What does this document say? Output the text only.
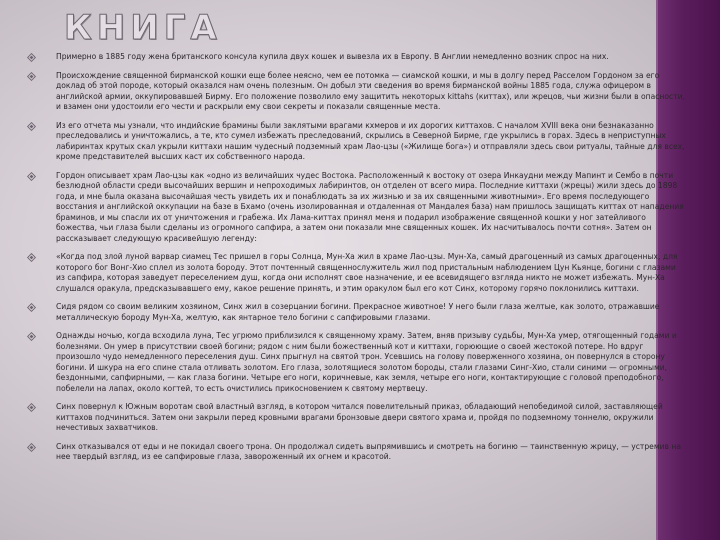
КНИГА
Примерно в 1885 году жена британского консула купила двух кошек и вывезла их в Европу. В Англии немедленно возник спрос на них.
Происхождение священной бирманской кошки еще более неясно, чем ее потомка — сиамской кошки, и мы в долгу перед Расселом Гордоном за его доклад об этой породе, который оказался нам очень полезным. Он добыл эти сведения во время бирманской войны 1885 года, служа офицером в английской армии, оккупировавшей Бирму. Его положение позволило ему защитить некоторых kittahs (киттах), или жрецов, чьи жизни были в опасности, и взамен они удостоили его чести и раскрыли ему свои секреты и показали священные места.
Из его отчета мы узнали, что индийские брамины были заклятыми врагами кхмеров и их дорогих киттахов. С началом XVIII века они безнаказанно преследовались и уничтожались, а те, кто сумел избежать преследований, скрылись в Северной Бирме, где укрылись в горах. Здесь в неприступных лабиринтах крутых скал укрыли киттахи нашим чудесный подземный храм Лао-цзы («Жилище бога») и отправляли здесь свои ритуалы, тайные для всех, кроме представителей высших каст их собственного народа.
Гордон описывает храм Лао-цзы как «одно из величайших чудес Востока. Расположенный к востоку от озера Инкаудни между Мапинт и Сембо в почти безлюдной области среди высочайших вершин и непроходимых лабиринтов, он отделен от всего мира. Последние киттахи (жрецы) жили здесь до 1898 года, и мне была оказана высочайшая честь увидеть их и понаблюдать за их жизнью и за их священными животными». Его время последующего восстания и английской оккупации на базе в Бхамо (очень изолированная и отдаленная от Мандалея база) нам пришлось защищать киттах от нападения браминов, и мы спасли их от уничтожения и грабежа. Их Лама-киттах принял меня и подарил изображение священной кошки у ног затейливого божества, чьи глаза были сделаны из огромного сапфира, а затем они показали мне священных кошек. Их насчитывалось почти сотня». Затем он рассказывает следующую красивейшую легенду:
«Когда под злой луной варвар сиамец Тес пришел в горы Солнца, Мун-Ха жил в храме Лао-цзы. Мун-Ха, самый драгоценный из самых драгоценных, для которого бог Вонг-Хио сплел из золота бороду. Этот почтенный священнослужитель жил под пристальным наблюдением Цун Кьянце, богини с глазами из сапфира, которая заведует переселением душ, когда они исполнят свое назначение, и ее всевидящего взгляда никто не может избежать. Мун-Ха слушался оракула, предсказывавшего ему, какое решение принять, и этим оракулом был его кот Синх, которому горячо поклонились киттахи.
Сидя рядом со своим великим хозяином, Синх жил в созерцании богини. Прекрасное животное! У него были глаза желтые, как золото, отражавшие металлическую бороду Мун-Ха, желтую, как янтарное тело богини с сапфировыми глазами.
Однажды ночью, когда всходила луна, Тес угрюмо приблизился к священному храму. Затем, вняв призыву судьбы, Мун-Ха умер, отягощенный годами и болезнями. Он умер в присутствии своей богини; рядом с ним были божественный кот и киттахи, горюющие о своей жестокой потере. Но вдруг произошло чудо немедленного переселения душ. Синх прыгнул на святой трон. Усевшись на голову поверженного хозяина, он повернулся в сторону богини. И шкура на его спине стала отливать золотом. Его глаза, золотящиеся золотом бороды, стали глазами Синг-Хио, стали синими — огромными, бездонными, сапфирными, — как глаза богини. Четыре его ноги, коричневые, как земля, четыре его ноги, контактирующие с головой преподобного, побелели на лапах, около когтей, то есть очистились прикосновением к святому мертвецу.
Синх повернул к Южным воротам свой властный взгляд, в котором читался повелительный приказ, обладающий непобедимой силой, заставляющей киттахов подчиниться. Затем они закрыли перед кровными врагами бронзовые двери святого храма и, пройдя по подземному тоннелю, окружили нечестивых захватчиков.
Синх отказывался от еды и не покидал своего трона. Он продолжал сидеть выпрямившись и смотреть на богиню — таинственную жрицу, — устремив на нее твердый взгляд, из ее сапфировые глаза, завороженный их огнем и красотой.
